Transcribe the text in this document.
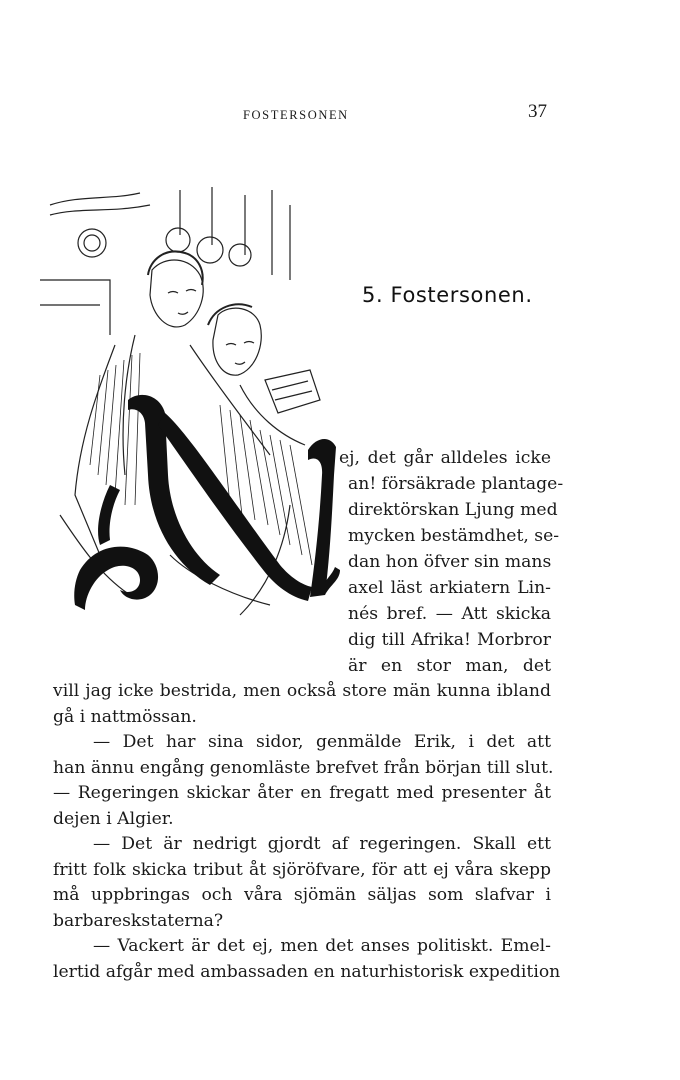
FOSTERSONEN	37
5. Fostersonen.
ej, det går alldeles icke
an! försäkrade plantage-
direktörskan Ljung med
mycken bestämdhet, se-
dan hon öfver sin mans
axel läst arkiatern Lin-
nés bref. — Att skicka
dig till Afrika! Morbror
är en stor man, det
vill jag icke bestrida, men också store män kunna ibland
gå i nattmössan.
— Det har sina sidor, genmälde Erik, i det att
han ännu engång genomläste brefvet från början till slut.
— Regeringen skickar åter en fregatt med presenter åt
dejen i Algier.
— Det är nedrigt gjordt af regeringen. Skall ett
fritt folk skicka tribut åt sjöröfvare, för att ej våra skepp
må uppbringas och våra sjömän säljas som slafvar i
barbareskstaterna?
— Vackert är det ej, men det anses politiskt. Emel-
lertid afgår med ambassaden en naturhistorisk expedition
